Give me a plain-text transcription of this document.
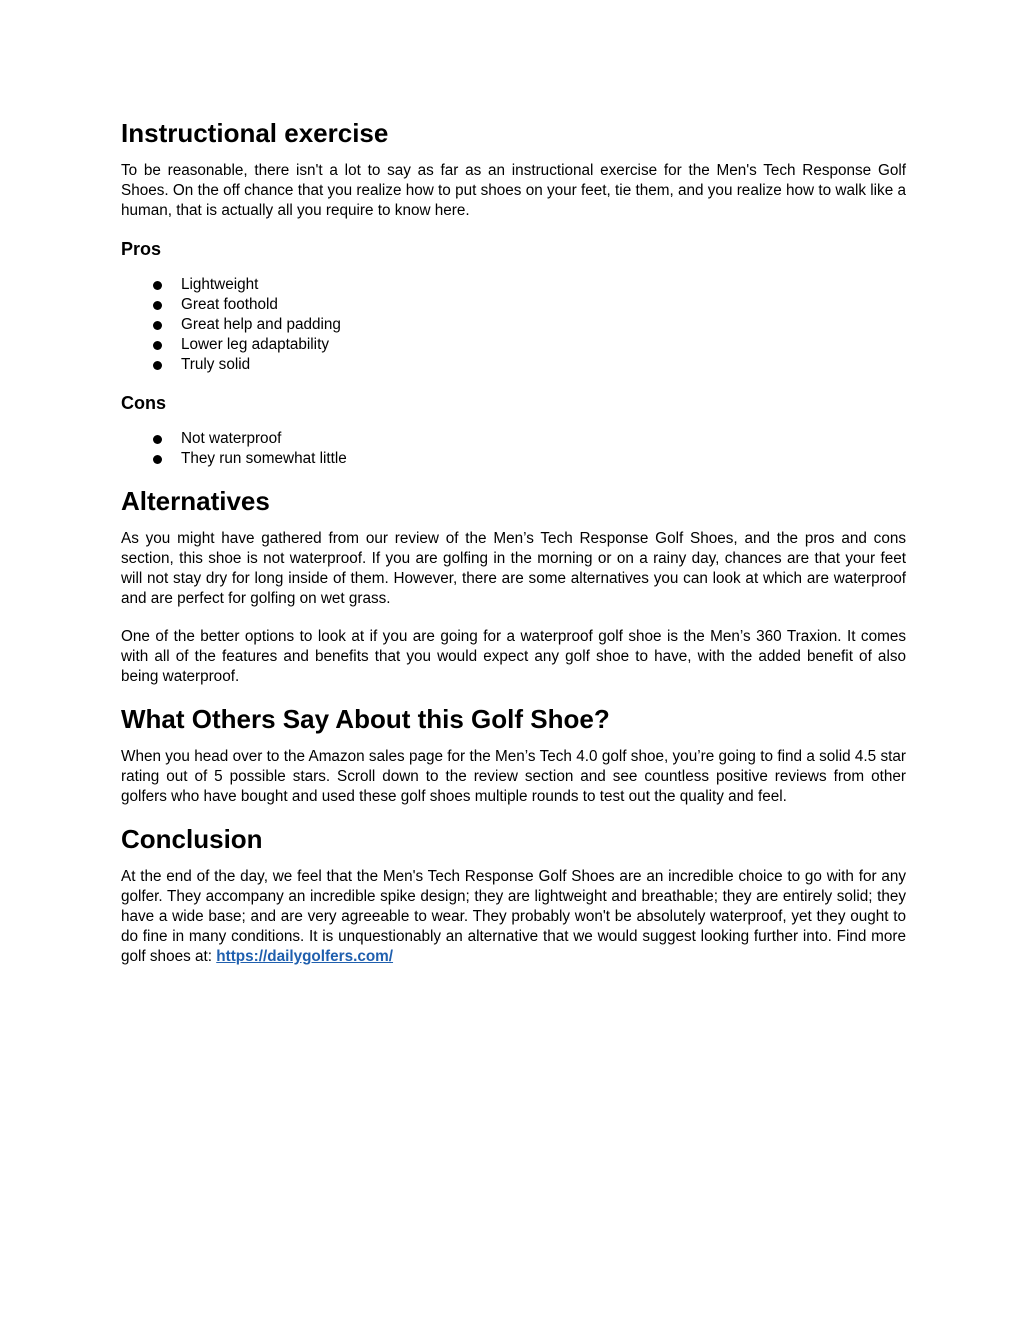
Instructional exercise

To be reasonable, there isn't a lot to say as far as an instructional exercise for the Men's Tech Response Golf Shoes. On the off chance that you realize how to put shoes on your feet, tie them, and you realize how to walk like a human, that is actually all you require to know here.

Pros
Lightweight
Great foothold
Great help and padding
Lower leg adaptability
Truly solid
Cons
Not waterproof
They run somewhat little
Alternatives

As you might have gathered from our review of the Men’s Tech Response Golf Shoes, and the pros and cons section, this shoe is not waterproof. If you are golfing in the morning or on a rainy day, chances are that your feet will not stay dry for long inside of them. However, there are some alternatives you can look at which are waterproof and are perfect for golfing on wet grass.

One of the better options to look at if you are going for a waterproof golf shoe is the Men’s 360 Traxion. It comes with all of the features and benefits that you would expect any golf shoe to have, with the added benefit of also being waterproof.

What Others Say About this Golf Shoe?

When you head over to the Amazon sales page for the Men’s Tech 4.0 golf shoe, you’re going to find a solid 4.5 star rating out of 5 possible stars. Scroll down to the review section and see countless positive reviews from other golfers who have bought and used these golf shoes multiple rounds to test out the quality and feel.

Conclusion

At the end of the day, we feel that the Men's Tech Response Golf Shoes are an incredible choice to go with for any golfer. They accompany an incredible spike design; they are lightweight and breathable; they are entirely solid; they have a wide base; and are very agreeable to wear. They probably won't be absolutely waterproof, yet they ought to do fine in many conditions. It is unquestionably an alternative that we would suggest looking further into. Find more golf shoes at: https://dailygolfers.com/
